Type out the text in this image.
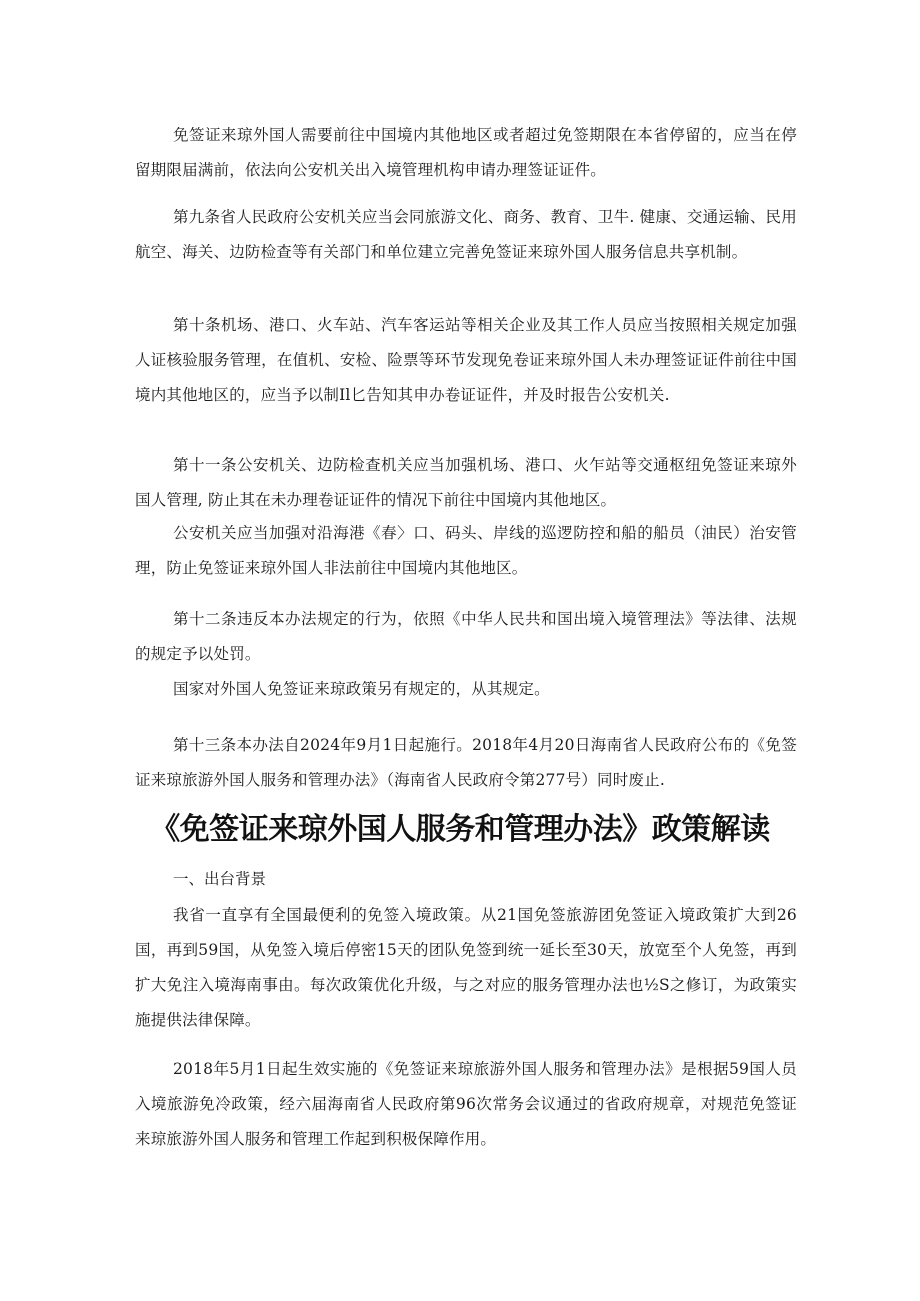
免签证来琼外国人需要前往中国境内其他地区或者超过免签期限在本省停留的，应当在停留期限届满前，依法向公安机关出入境管理机构申请办理签证证件。

第九条省人民政府公安机关应当会同旅游文化、商务、教育、卫牛. 健康、交通运输、民用航空、海关、边防检查等有关部门和单位建立完善免签证来琼外国人服务信息共享机制。

第十条机场、港口、火车站、汽车客运站等相关企业及其工作人员应当按照相关规定加强人证核验服务管理，在值机、安检、险票等环节发现免卷证来琼外国人未办理签证证件前往中国境内其他地区的，应当予以制Il匕告知其申办卷证证件，并及时报告公安机关.

第十一条公安机关、边防检查机关应当加强机场、港口、火乍站等交通枢纽免签证来琼外国人管理, 防止其在未办理卷证证件的情况下前往中国境内其他地区。

公安机关应当加强对沿海港《春〉口、码头、岸线的巡逻防控和船的船员（油民）治安管理，防止免签证来琼外国人非法前往中国境内其他地区。

第十二条违反本办法规定的行为，依照《中华人民共和国出境入境管理法》等法律、法规的规定予以处罚。

国家对外国人免签证来琼政策另有规定的，从其规定。

第十三条本办法自2024年9月1日起施行。2018年4月20日海南省人民政府公布的《免签证来琼旅游外国人服务和管理办法》（海南省人民政府令第277号）同时废止.

《免签证来琼外国人服务和管理办法》政策解读

一、出台背景

我省一直享有全国最便利的免签入境政策。从21国免签旅游团免签证入境政策扩大到26国，再到59国，从免签入境后停密15天的团队免签到统一延长至30天，放宽至个人免签，再到扩大免注入境海南事由。每次政策优化升级，与之对应的服务管理办法也½S之修订，为政策实施提供法律保障。

2018年5月1日起生效实施的《免签证来琼旅游外国人服务和管理办法》是根据59国人员入境旅游免冷政策，经六届海南省人民政府第96次常务会议通过的省政府规章，对规范免签证来琼旅游外国人服务和管理工作起到积极保障作用。
